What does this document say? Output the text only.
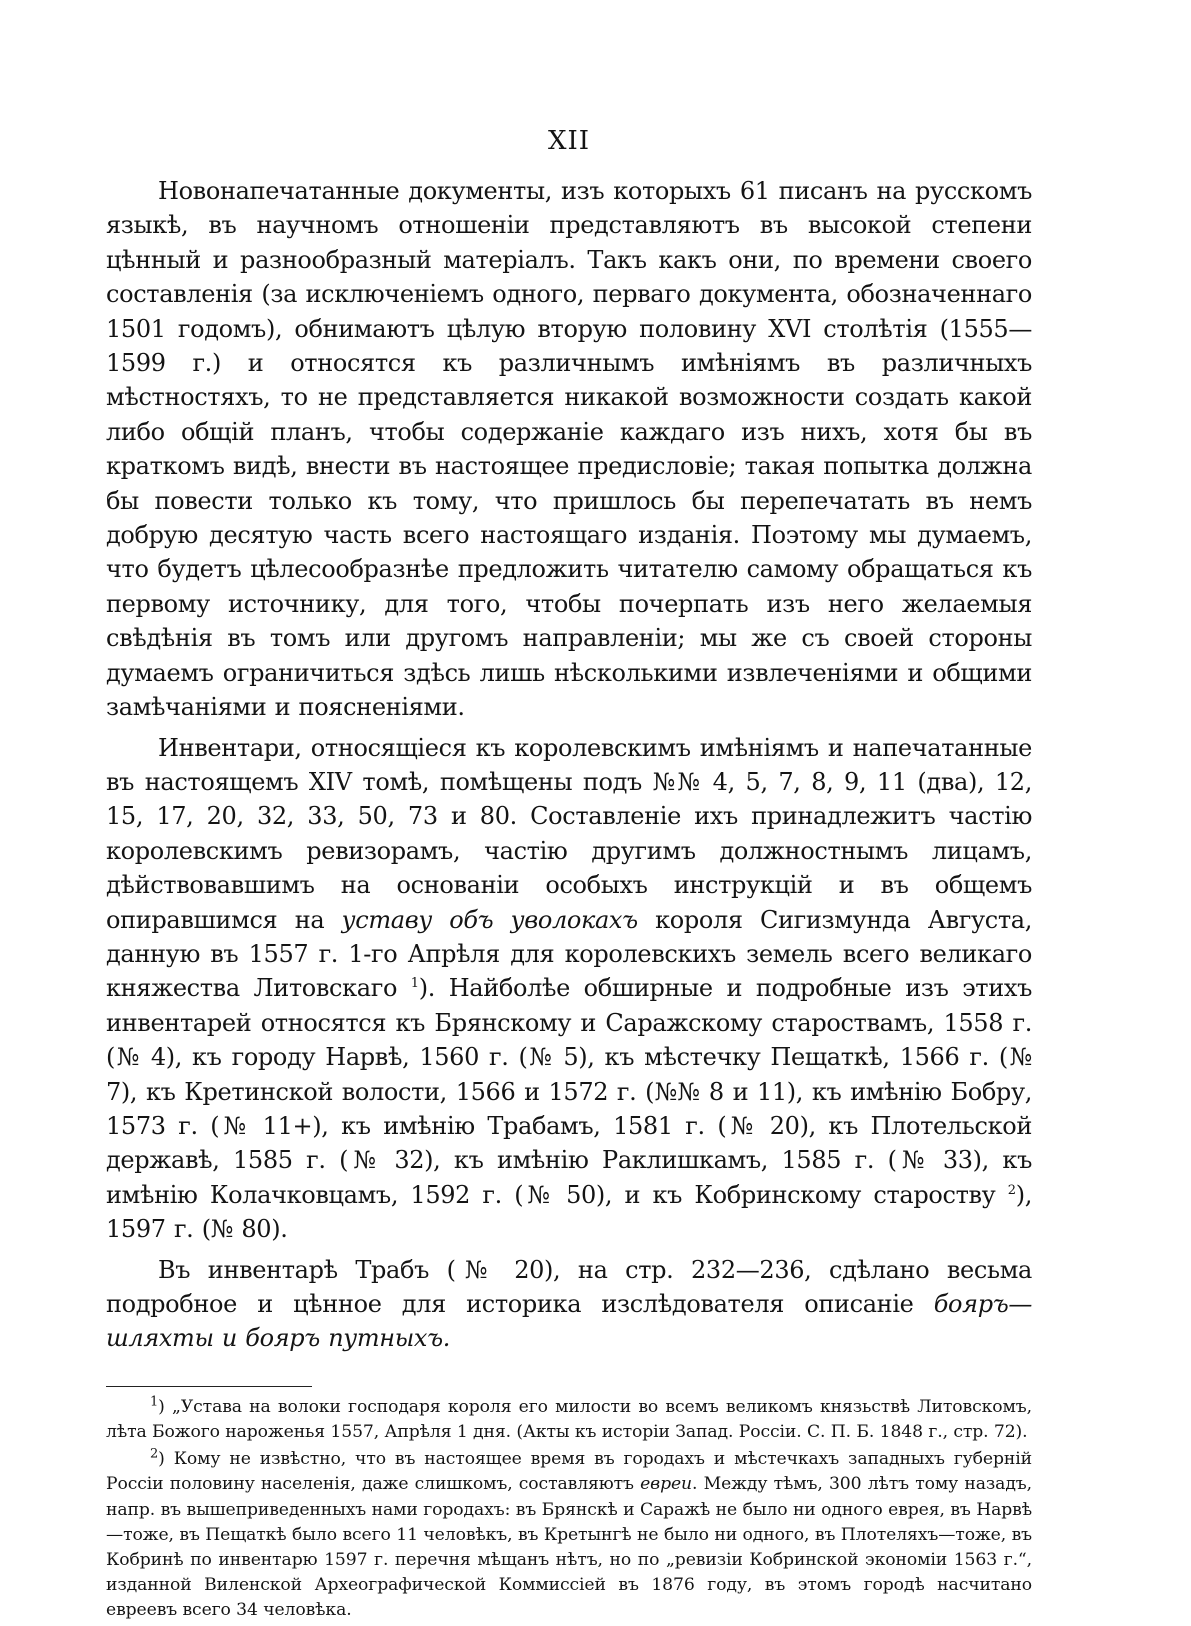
XII

Новонапечатанные документы, изъ которыхъ 61 писанъ на русскомъ языкѣ, въ научномъ отношеніи представляютъ въ высокой степени цѣнный и разнообразный матеріалъ. Такъ какъ они, по времени своего составленія (за исключеніемъ одного, перваго документа, обозначеннаго 1501 годомъ), обнимаютъ цѣлую вторую половину XVI столѣтія (1555—1599 г.) и относятся къ различнымъ имѣніямъ въ различныхъ мѣстностяхъ, то не представляется никакой возможности создать какой либо общій планъ, чтобы содержаніе каждаго изъ нихъ, хотя бы въ краткомъ видѣ, внести въ настоящее предисловіе; такая попытка должна бы повести только къ тому, что пришлось бы перепечатать въ немъ добрую десятую часть всего настоящаго изданія. Поэтому мы думаемъ, что будетъ цѣлесообразнѣе предложить читателю самому обращаться къ первому источнику, для того, чтобы почерпать изъ него желаемыя свѣдѣнія въ томъ или другомъ направленіи; мы же съ своей стороны думаемъ ограничиться здѣсь лишь нѣсколькими извлеченіями и общими замѣчаніями и поясненіями.

Инвентари, относящіеся къ королевскимъ имѣніямъ и напечатанные въ настоящемъ XIV томѣ, помѣщены подъ №№ 4, 5, 7, 8, 9, 11 (два), 12, 15, 17, 20, 32, 33, 50, 73 и 80. Составленіе ихъ принадлежитъ частію королевскимъ ревизорамъ, частію другимъ должностнымъ лицамъ, дѣйствовавшимъ на основаніи особыхъ инструкцій и въ общемъ опиравшимся на уставу объ уволокахъ короля Сигизмунда Августа, данную въ 1557 г. 1-го Апрѣля для королевскихъ земель всего великаго княжества Литовскаго $^1$). Найболѣе обширные и подробные изъ этихъ инвентарей относятся къ Брянскому и Саражскому староствамъ, 1558 г. (№ 4), къ городу Нарвѣ, 1560 г. (№ 5), къ мѣстечку Пещаткѣ, 1566 г. (№ 7), къ Кретинской волости, 1566 и 1572 г. (№№ 8 и 11), къ имѣнію Бобру, 1573 г. (№ 11+), къ имѣнію Трабамъ, 1581 г. (№ 20), къ Плотельской державѣ, 1585 г. (№ 32), къ имѣнію Раклишкамъ, 1585 г. (№ 33), къ имѣнію Колачковцамъ, 1592 г. (№ 50), и къ Кобринскому староству $^2$), 1597 г. (№ 80).

Въ инвентарѣ Трабъ (№ 20), на стр. 232—236, сдѣлано весьма подробное и цѣнное для историка изслѣдователя описаніе бояръ—шляхты и бояръ путныхъ.

$^1$) „Устава на волоки господаря короля его милости во всемъ великомъ князьствѣ Литовскомъ, лѣта Божого нароженья 1557, Апрѣля 1 дня. (Акты къ исторіи Запад. Россіи. С. П. Б. 1848 г., стр. 72).

$^2$) Кому не извѣстно, что въ настоящее время въ городахъ и мѣстечкахъ западныхъ губерній Россіи половину населенія, даже слишкомъ, составляютъ евреи. Между тѣмъ, 300 лѣтъ тому назадъ, напр. въ вышеприведенныхъ нами городахъ: въ Брянскѣ и Саражѣ не было ни одного еврея, въ Нарвѣ—тоже, въ Пещаткѣ было всего 11 человѣкъ, въ Кретынгѣ не было ни одного, въ Плотеляхъ—тоже, въ Кобринѣ по инвентарю 1597 г. перечня мѣщанъ нѣтъ, но по „ревизіи Кобринской экономіи 1563 г.“, изданной Виленской Археографической Коммиссіей въ 1876 году, въ этомъ городѣ насчитано евреевъ всего 34 человѣка.
